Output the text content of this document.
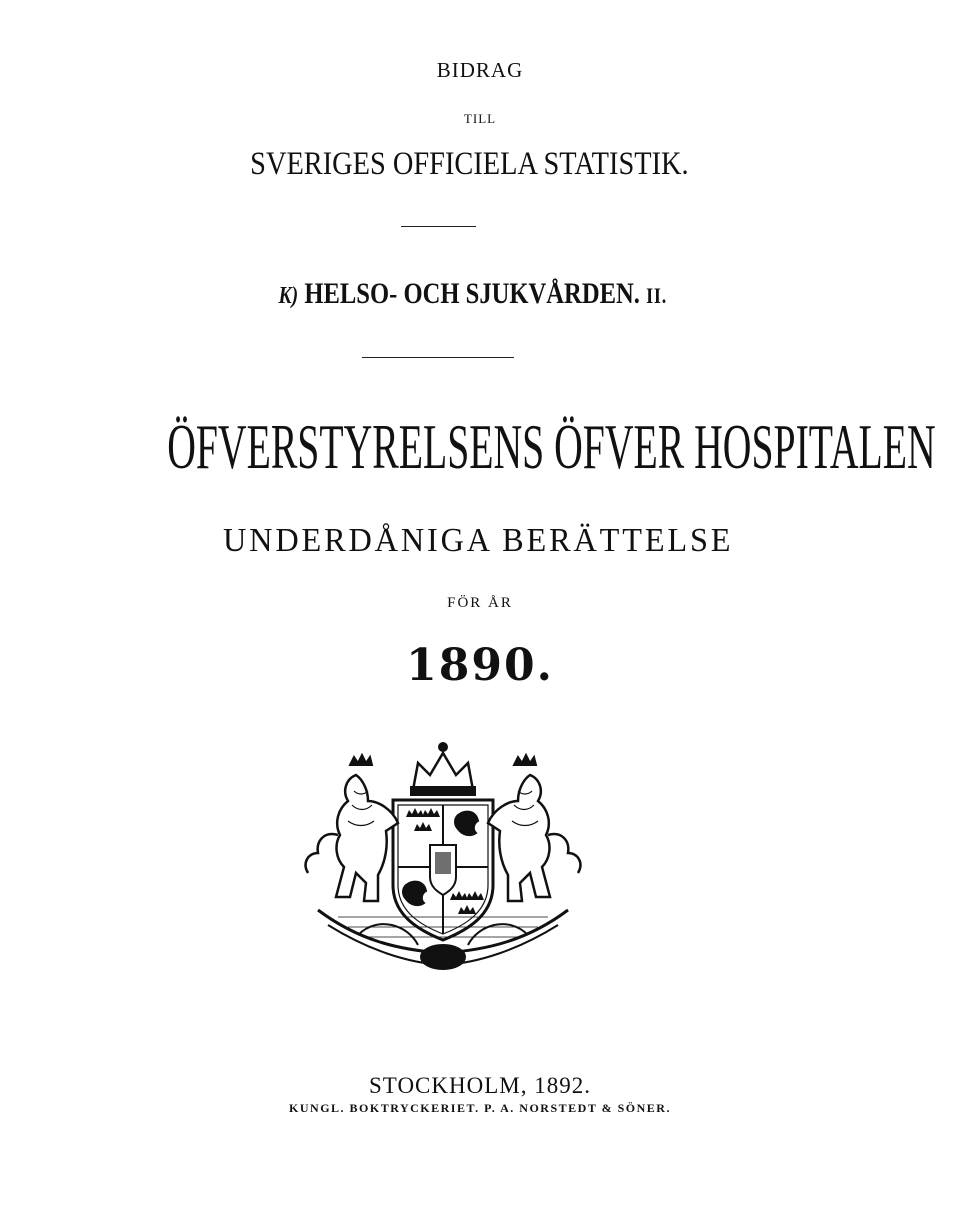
BIDRAG
TILL
SVERIGES OFFICIELA STATISTIK.
K) HELSO- OCH SJUKVÅRDEN. II.
ÖFVERSTYRELSENS ÖFVER HOSPITALEN
UNDERDÅNIGA BERÄTTELSE
FÖR ÅR
1890.
STOCKHOLM, 1892.
KUNGL. BOKTRYCKERIET. P. A. NORSTEDT & SÖNER.
